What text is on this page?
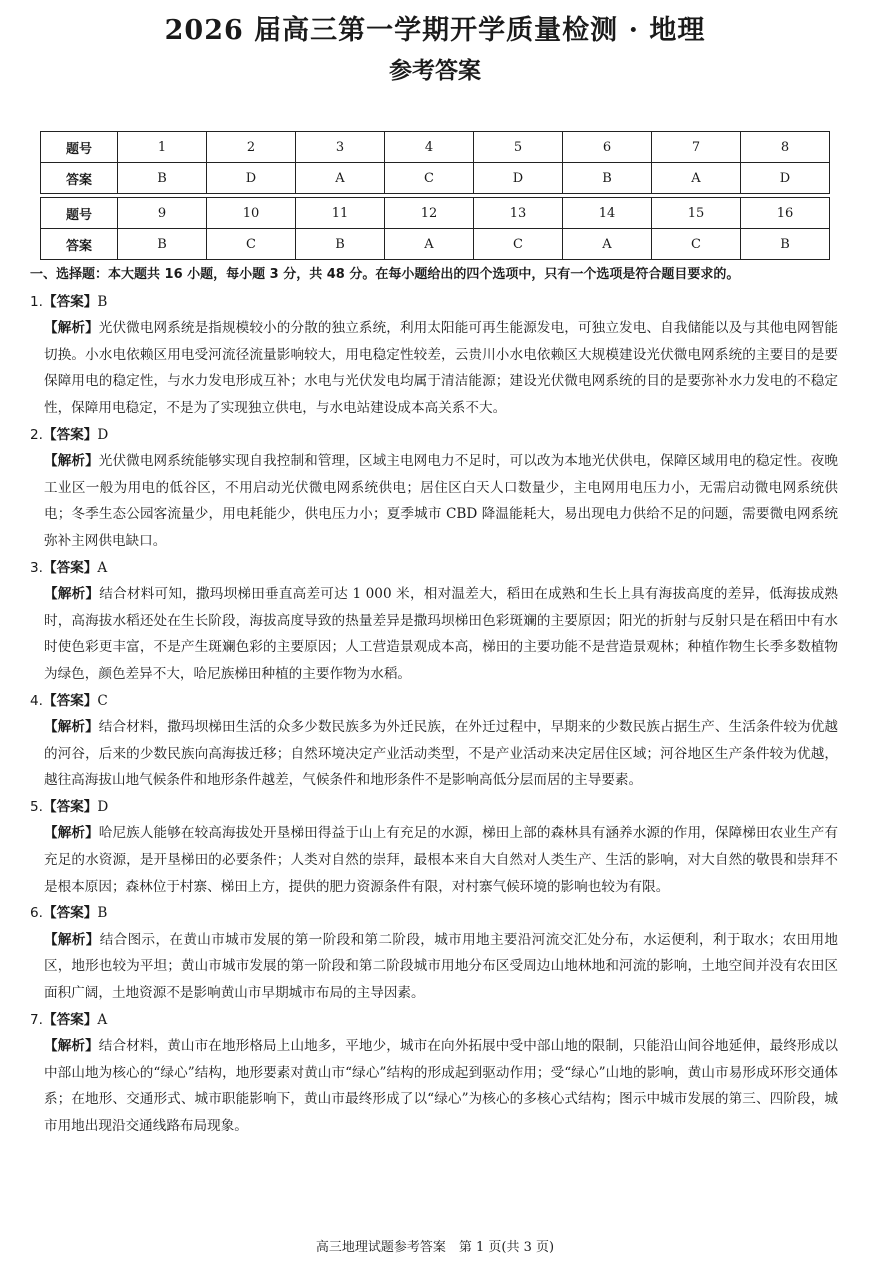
2026 届高三第一学期开学质量检测 · 地理
参考答案
题号	1	2	3	4	5	6	7	8
答案	B	D	A	C	D	B	A	D

题号	9	10	11	12	13	14	15	16
答案	B	C	B	A	C	A	C	B

一、选择题：本大题共 16 小题，每小题 3 分，共 48 分。在每小题给出的四个选项中，只有一个选项是符合题目要求的。

1.【答案】B

【解析】光伏微电网系统是指规模较小的分散的独立系统，利用太阳能可再生能源发电，可独立发电、自我储能以及与其他电网智能切换。小水电依赖区用电受河流径流量影响较大，用电稳定性较差，云贵川小水电依赖区大规模建设光伏微电网系统的主要目的是要保障用电的稳定性，与水力发电形成互补；水电与光伏发电均属于清洁能源；建设光伏微电网系统的目的是要弥补水力发电的不稳定性，保障用电稳定，不是为了实现独立供电，与水电站建设成本高关系不大。

2.【答案】D

【解析】光伏微电网系统能够实现自我控制和管理，区域主电网电力不足时，可以改为本地光伏供电，保障区域用电的稳定性。夜晚工业区一般为用电的低谷区，不用启动光伏微电网系统供电；居住区白天人口数量少，主电网用电压力小，无需启动微电网系统供电；冬季生态公园客流量少，用电耗能少，供电压力小；夏季城市 CBD 降温能耗大，易出现电力供给不足的问题，需要微电网系统弥补主网供电缺口。

3.【答案】A

【解析】结合材料可知，撒玛坝梯田垂直高差可达 1 000 米，相对温差大，稻田在成熟和生长上具有海拔高度的差异，低海拔成熟时，高海拔水稻还处在生长阶段，海拔高度导致的热量差异是撒玛坝梯田色彩斑斓的主要原因；阳光的折射与反射只是在稻田中有水时使色彩更丰富，不是产生斑斓色彩的主要原因；人工营造景观成本高，梯田的主要功能不是营造景观林；种植作物生长季多数植物为绿色，颜色差异不大，哈尼族梯田种植的主要作物为水稻。

4.【答案】C

【解析】结合材料，撒玛坝梯田生活的众多少数民族多为外迁民族，在外迁过程中，早期来的少数民族占据生产、生活条件较为优越的河谷，后来的少数民族向高海拔迁移；自然环境决定产业活动类型，不是产业活动来决定居住区域；河谷地区生产条件较为优越，越往高海拔山地气候条件和地形条件越差，气候条件和地形条件不是影响高低分层而居的主导要素。

5.【答案】D

【解析】哈尼族人能够在较高海拔处开垦梯田得益于山上有充足的水源，梯田上部的森林具有涵养水源的作用，保障梯田农业生产有充足的水资源，是开垦梯田的必要条件；人类对自然的崇拜，最根本来自大自然对人类生产、生活的影响，对大自然的敬畏和崇拜不是根本原因；森林位于村寨、梯田上方，提供的肥力资源条件有限，对村寨气候环境的影响也较为有限。

6.【答案】B

【解析】结合图示，在黄山市城市发展的第一阶段和第二阶段，城市用地主要沿河流交汇处分布，水运便利，利于取水；农田用地区，地形也较为平坦；黄山市城市发展的第一阶段和第二阶段城市用地分布区受周边山地林地和河流的影响，土地空间并没有农田区面积广阔，土地资源不是影响黄山市早期城市布局的主导因素。

7.【答案】A

【解析】结合材料，黄山市在地形格局上山地多，平地少，城市在向外拓展中受中部山地的限制，只能沿山间谷地延伸，最终形成以中部山地为核心的“绿心”结构，地形要素对黄山市“绿心”结构的形成起到驱动作用；受“绿心”山地的影响，黄山市易形成环形交通体系；在地形、交通形式、城市职能影响下，黄山市最终形成了以“绿心”为核心的多核心式结构；图示中城市发展的第三、四阶段，城市用地出现沿交通线路布局现象。

高三地理试题参考答案　第 1 页(共 3 页)
